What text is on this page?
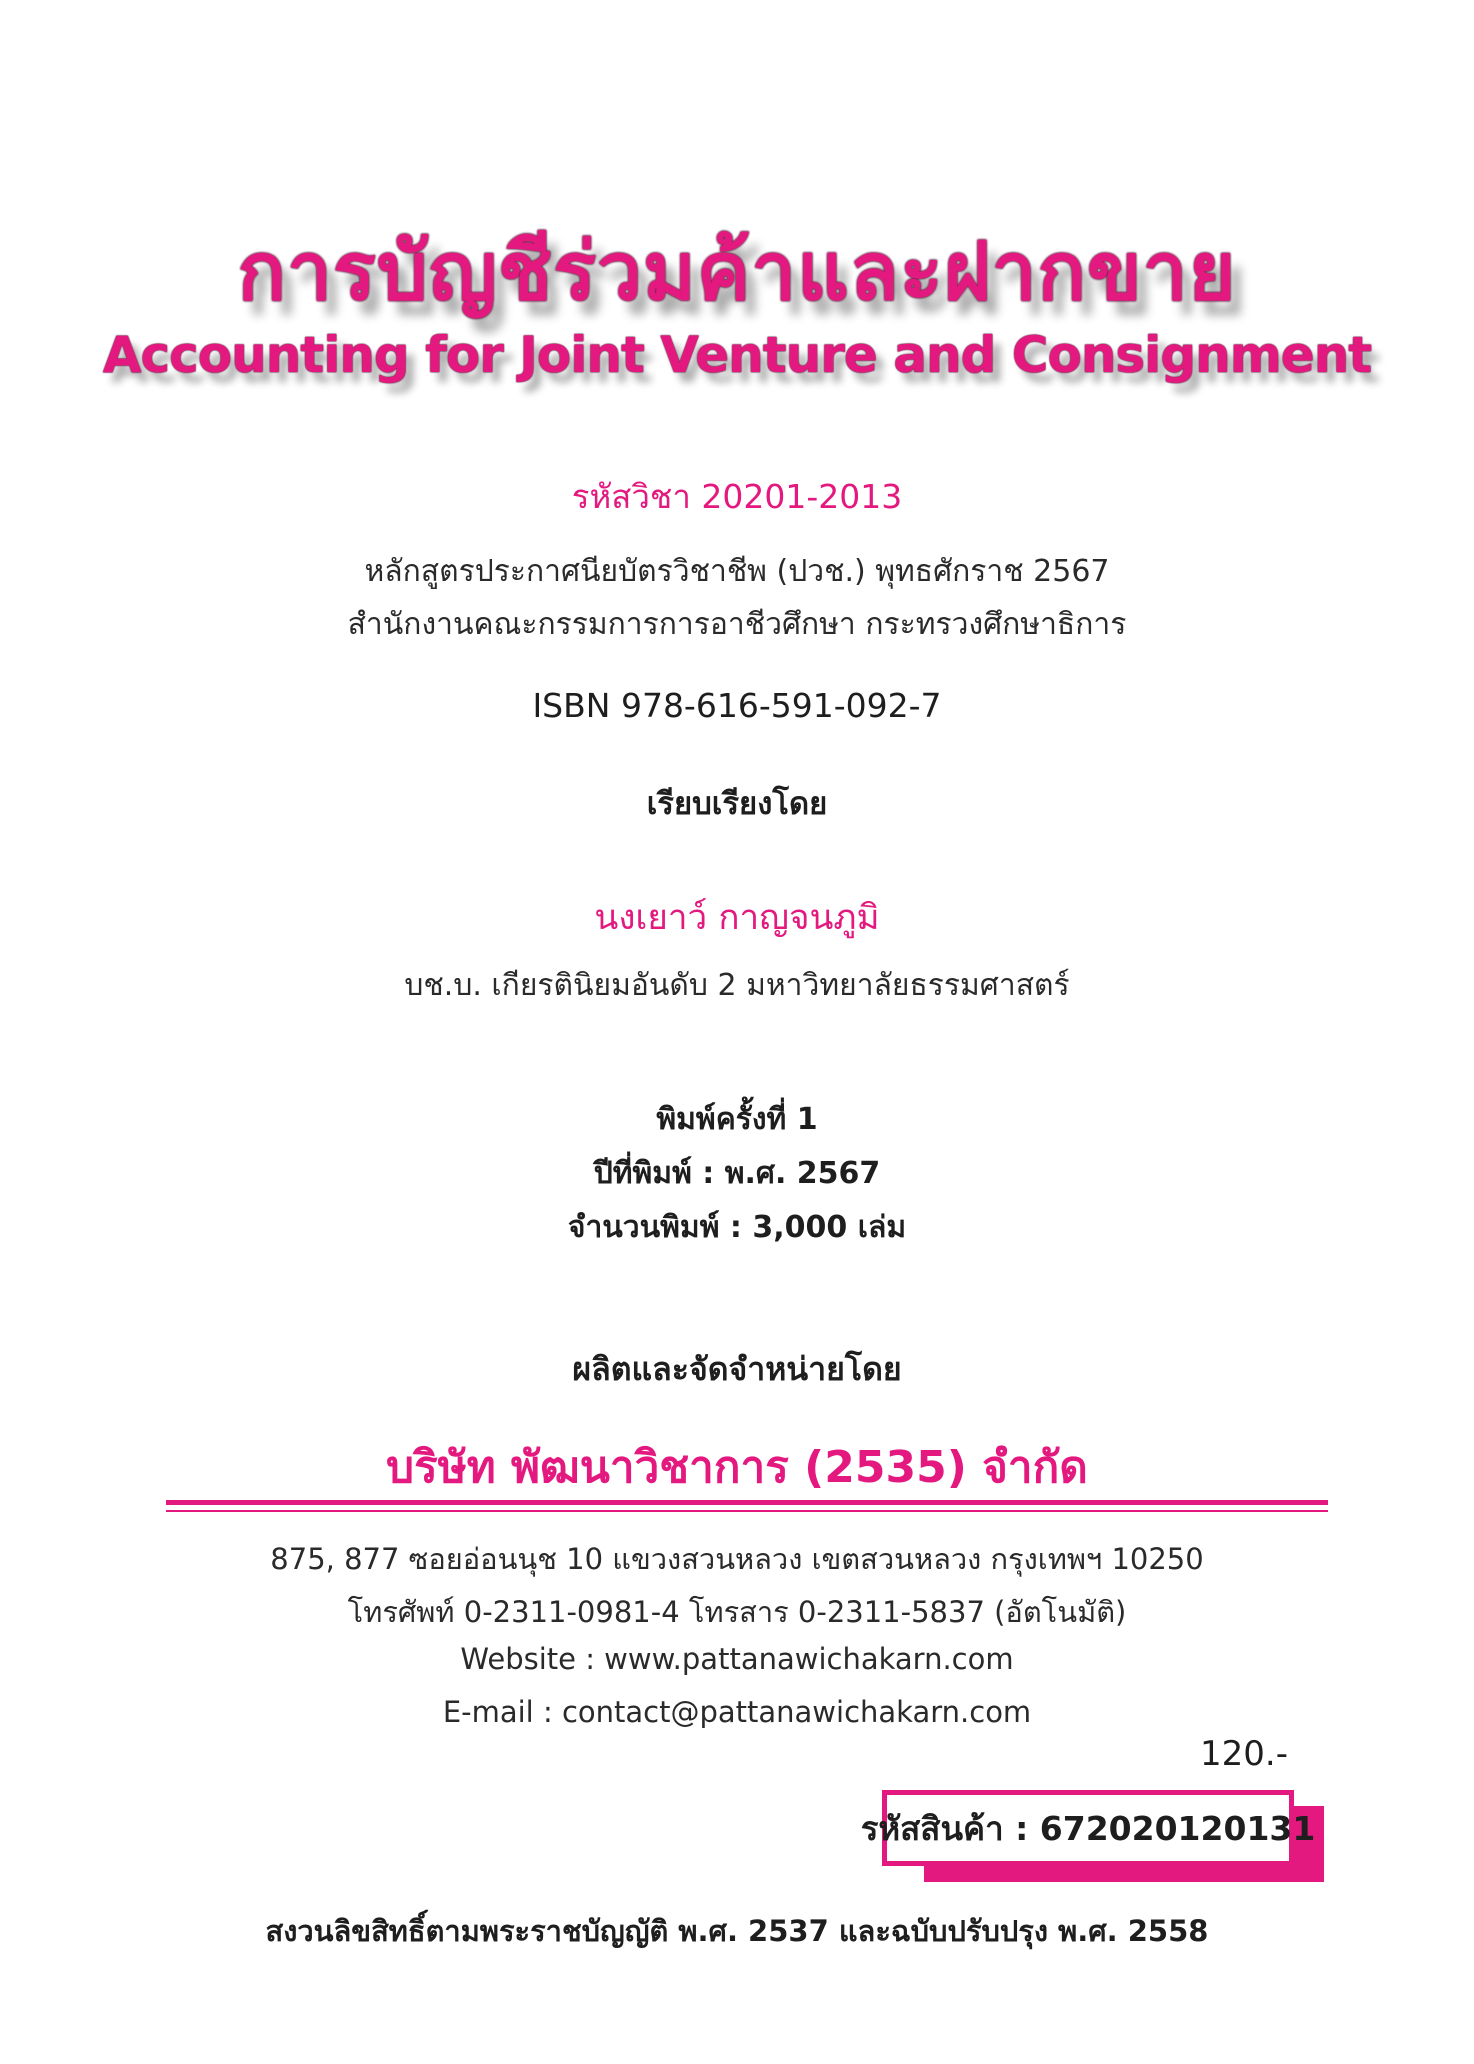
การบัญชีร่วมค้าและฝากขาย
Accounting for Joint Venture and Consignment
รหัสวิชา 20201-2013
หลักสูตรประกาศนียบัตรวิชาชีพ (ปวช.) พุทธศักราช 2567
สำนักงานคณะกรรมการการอาชีวศึกษา กระทรวงศึกษาธิการ
ISBN 978-616-591-092-7
เรียบเรียงโดย
นงเยาว์ กาญจนภูมิ
บช.บ. เกียรตินิยมอันดับ 2 มหาวิทยาลัยธรรมศาสตร์
พิมพ์ครั้งที่ 1
ปีที่พิมพ์ : พ.ศ. 2567
จำนวนพิมพ์ : 3,000 เล่ม
ผลิตและจัดจำหน่ายโดย
บริษัท พัฒนาวิชาการ (2535) จำกัด
875, 877 ซอยอ่อนนุช 10 แขวงสวนหลวง เขตสวนหลวง กรุงเทพฯ 10250
โทรศัพท์ 0-2311-0981-4 โทรสาร 0-2311-5837 (อัตโนมัติ)
Website : www.pattanawichakarn.com
E-mail : contact@pattanawichakarn.com
120.-
รหัสสินค้า : 672020120131
สงวนลิขสิทธิ์ตามพระราชบัญญัติ พ.ศ. 2537 และฉบับปรับปรุง พ.ศ. 2558
